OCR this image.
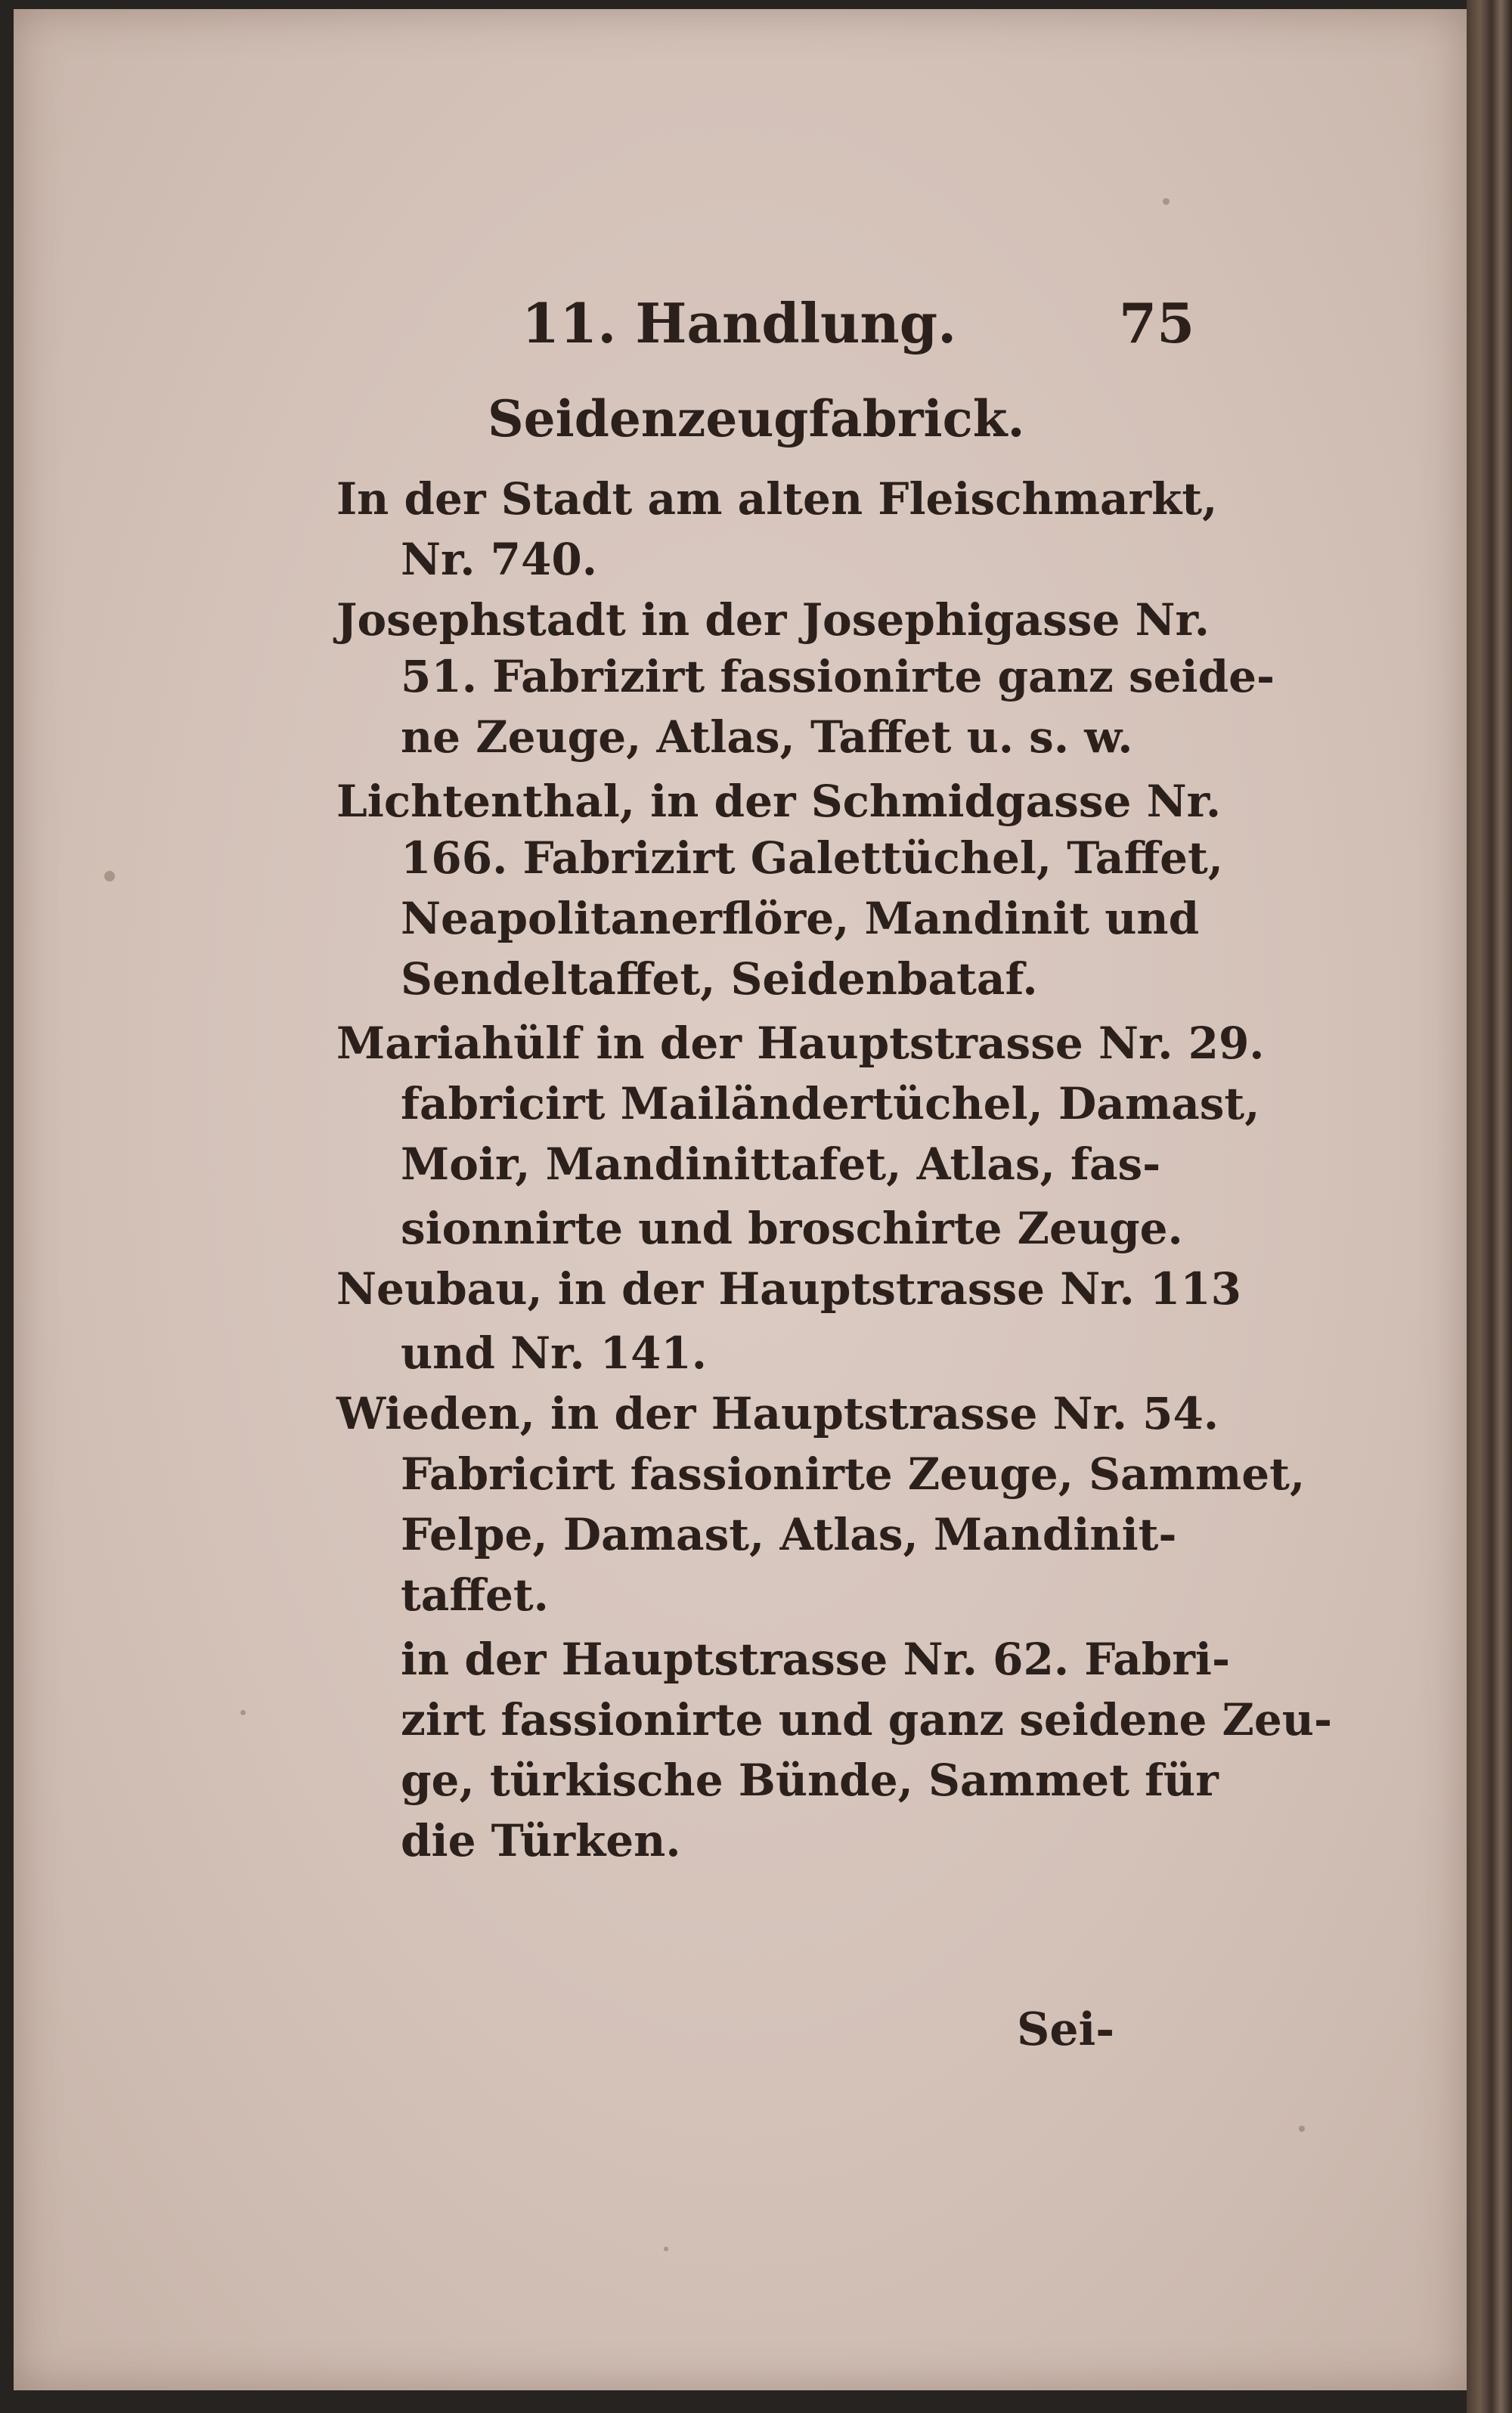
11. Handlung.	75
Seidenzeugfabrick.
In der Stadt am alten Fleischmarkt,
Nr. 740.
Josephstadt in der Josephigasse Nr.
51. Fabrizirt fassionirte ganz seide-
ne Zeuge, Atlas, Taffet u. s. w.
Lichtenthal, in der Schmidgasse Nr.
166. Fabrizirt Galettüchel, Taffet,
Neapolitanerflöre, Mandinit und
Sendeltaffet, Seidenbataf.
Mariahülf in der Hauptstrasse Nr. 29.
fabricirt Mailändertüchel, Damast,
Moir, Mandinittafet, Atlas, fas-
sionnirte und broschirte Zeuge.
Neubau, in der Hauptstrasse Nr. 113
und Nr. 141.
Wieden, in der Hauptstrasse Nr. 54.
Fabricirt fassionirte Zeuge, Sammet,
Felpe, Damast, Atlas, Mandinit-
taffet.
in der Hauptstrasse Nr. 62. Fabri-
zirt fassionirte und ganz seidene Zeu-
ge, türkische Bünde, Sammet für
die Türken.
Sei-
